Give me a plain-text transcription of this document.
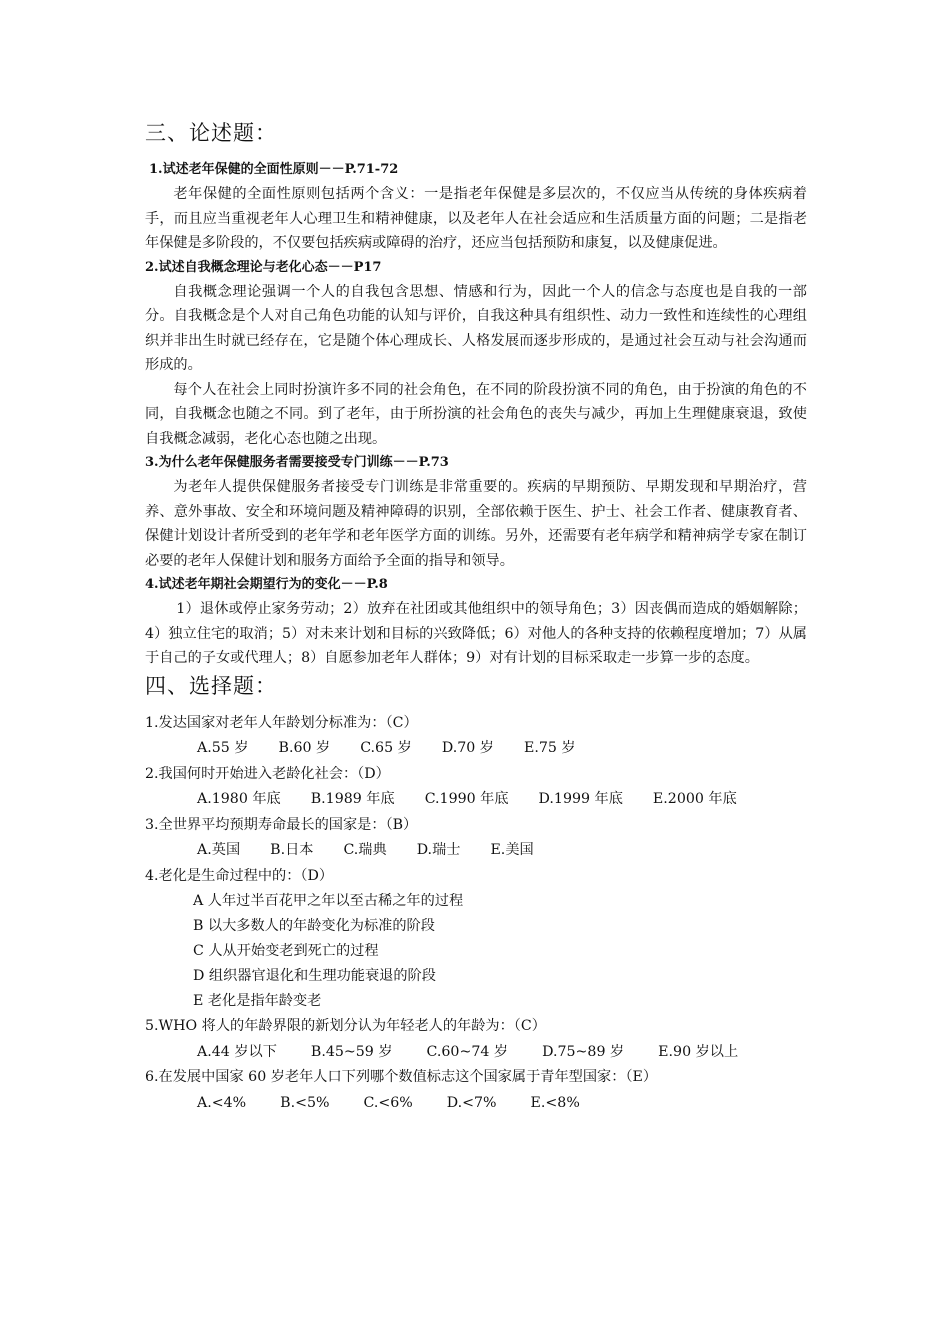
三、论述题：

1.试述老年保健的全面性原则－－P.71-72

老年保健的全面性原则包括两个含义：一是指老年保健是多层次的，不仅应当从传统的身体疾病着手，而且应当重视老年人心理卫生和精神健康，以及老年人在社会适应和生活质量方面的问题；二是指老年保健是多阶段的，不仅要包括疾病或障碍的治疗，还应当包括预防和康复，以及健康促进。

2.试述自我概念理论与老化心态－－P17

自我概念理论强调一个人的自我包含思想、情感和行为，因此一个人的信念与态度也是自我的一部分。自我概念是个人对自己角色功能的认知与评价，自我这种具有组织性、动力一致性和连续性的心理组织并非出生时就已经存在，它是随个体心理成长、人格发展而逐步形成的，是通过社会互动与社会沟通而形成的。

每个人在社会上同时扮演许多不同的社会角色，在不同的阶段扮演不同的角色，由于扮演的角色的不同，自我概念也随之不同。到了老年，由于所扮演的社会角色的丧失与减少，再加上生理健康衰退，致使自我概念减弱，老化心态也随之出现。

3.为什么老年保健服务者需要接受专门训练－－P.73

为老年人提供保健服务者接受专门训练是非常重要的。疾病的早期预防、早期发现和早期治疗，营养、意外事故、安全和环境问题及精神障碍的识别，全部依赖于医生、护士、社会工作者、健康教育者、保健计划设计者所受到的老年学和老年医学方面的训练。另外，还需要有老年病学和精神病学专家在制订必要的老年人保健计划和服务方面给予全面的指导和领导。

4.试述老年期社会期望行为的变化－－P.8

1）退休或停止家务劳动；2）放弃在社团或其他组织中的领导角色；3）因丧偶而造成的婚姻解除；4）独立住宅的取消；5）对未来计划和目标的兴致降低；6）对他人的各种支持的依赖程度增加；7）从属于自己的子女或代理人；8）自愿参加老年人群体；9）对有计划的目标采取走一步算一步的态度。

四、选择题：

1.发达国家对老年人年龄划分标准为：（C）

A.55 岁 B.60 岁 C.65 岁 D.70 岁 E.75 岁

2.我国何时开始进入老龄化社会：（D）

A.1980 年底 B.1989 年底 C.1990 年底 D.1999 年底 E.2000 年底

3.全世界平均预期寿命最长的国家是：（B）

A.英国 B.日本 C.瑞典 D.瑞士 E.美国

4.老化是生命过程中的：（D）

A 人年过半百花甲之年以至古稀之年的过程
B 以大多数人的年龄变化为标准的阶段
C 人从开始变老到死亡的过程
D 组织器官退化和生理功能衰退的阶段
E 老化是指年龄变老

5.WHO 将人的年龄界限的新划分认为年轻老人的年龄为：（C）

A.44 岁以下 B.45~59 岁 C.60~74 岁 D.75~89 岁 E.90 岁以上

6.在发展中国家 60 岁老年人口下列哪个数值标志这个国家属于青年型国家：（E）

A.<4% B.<5% C.<6% D.<7% E.<8%
